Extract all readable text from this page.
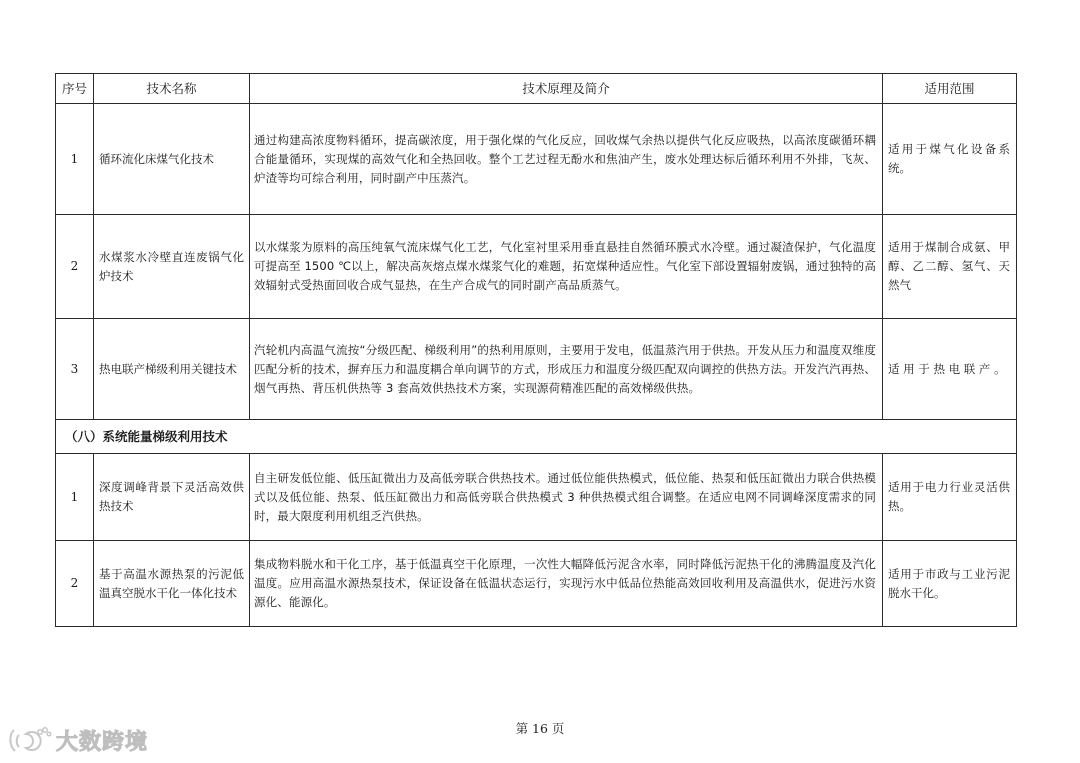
序号	技术名称	技术原理及简介	适用范围
1	循环流化床煤气化技术	通过构建高浓度物料循环，提高碳浓度，用于强化煤的气化反应，回收煤气余热以提供气化反应吸热，以高浓度碳循环耦合能量循环，实现煤的高效气化和全热回收。整个工艺过程无酚水和焦油产生，废水处理达标后循环利用不外排，飞灰、炉渣等均可综合利用，同时副产中压蒸汽。	适用于煤气化设备系统。
2	水煤浆水冷壁直连废锅气化炉技术	以水煤浆为原料的高压纯氧气流床煤气化工艺，气化室衬里采用垂直悬挂自然循环膜式水冷壁。通过凝渣保护，气化温度可提高至 1500 ℃以上，解决高灰熔点煤水煤浆气化的难题，拓宽煤种适应性。气化室下部设置辐射废锅，通过独特的高效辐射式受热面回收合成气显热，在生产合成气的同时副产高品质蒸气。	适用于煤制合成氨、甲醇、乙二醇、氢气、天然气
3	热电联产梯级利用关键技术	汽轮机内高温气流按“分级匹配、梯级利用”的热利用原则，主要用于发电，低温蒸汽用于供热。开发从压力和温度双维度匹配分析的技术，摒弃压力和温度耦合单向调节的方式，形成压力和温度分级匹配双向调控的供热方法。开发汽汽再热、烟气再热、背压机供热等 3 套高效供热技术方案，实现源荷精准匹配的高效梯级供热。	适 用 于 热 电 联 产 。
（八）系统能量梯级利用技术			
1	深度调峰背景下灵活高效供热技术	自主研发低位能、低压缸微出力及高低旁联合供热技术。通过低位能供热模式，低位能、热泵和低压缸微出力联合供热模式以及低位能、热泵、低压缸微出力和高低旁联合供热模式 3 种供热模式组合调整。在适应电网不同调峰深度需求的同时，最大限度利用机组乏汽供热。	适用于电力行业灵活供热。
2	基于高温水源热泵的污泥低温真空脱水干化一体化技术	集成物料脱水和干化工序，基于低温真空干化原理，一次性大幅降低污泥含水率，同时降低污泥热干化的沸腾温度及汽化温度。应用高温水源热泵技术，保证设备在低温状态运行，实现污水中低品位热能高效回收利用及高温供水，促进污水资源化、能源化。	适用于市政与工业污泥脱水干化。
第 16 页
大数跨境
